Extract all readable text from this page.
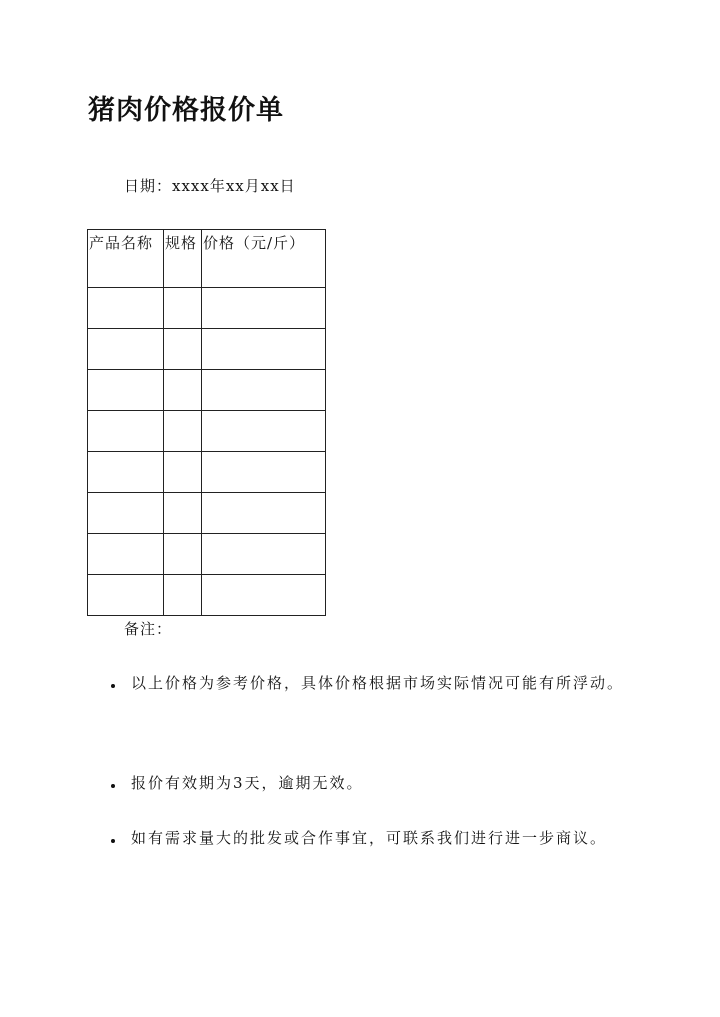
猪肉价格报价单
日期：xxxx年xx月xx日
产品名称	规格	价格（元/斤）

备注：
以上价格为参考价格，具体价格根据市场实际情况可能有所浮动。
报价有效期为3天，逾期无效。
如有需求量大的批发或合作事宜，可联系我们进行进一步商议。
